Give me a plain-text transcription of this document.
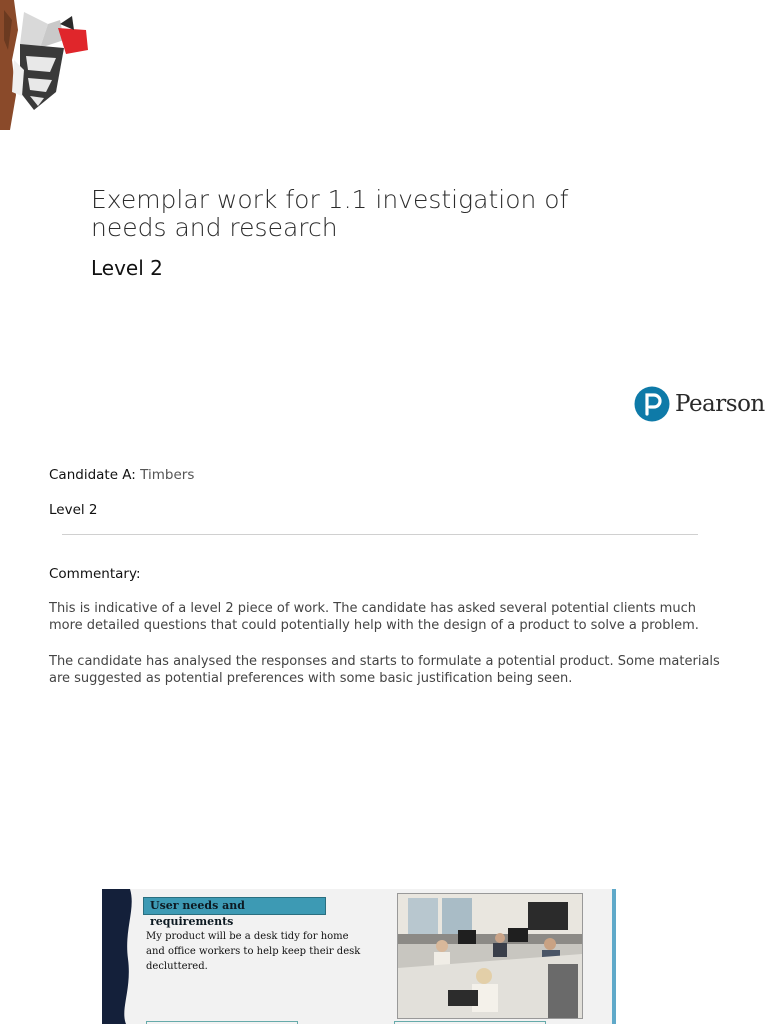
Exemplar work for 1.1 investigation of needs and research
Level 2
Pearson
Candidate A: Timbers
Level 2
Commentary:

This is indicative of a level 2 piece of work. The candidate has asked several potential clients much more detailed questions that could potentially help with the design of a product to solve a problem.

The candidate has analysed the responses and starts to formulate a potential product. Some materials are suggested as potential preferences with some basic justification being seen.

User needs and requirements

My product will be a desk tidy for home and office workers to help keep their desk decluttered.
